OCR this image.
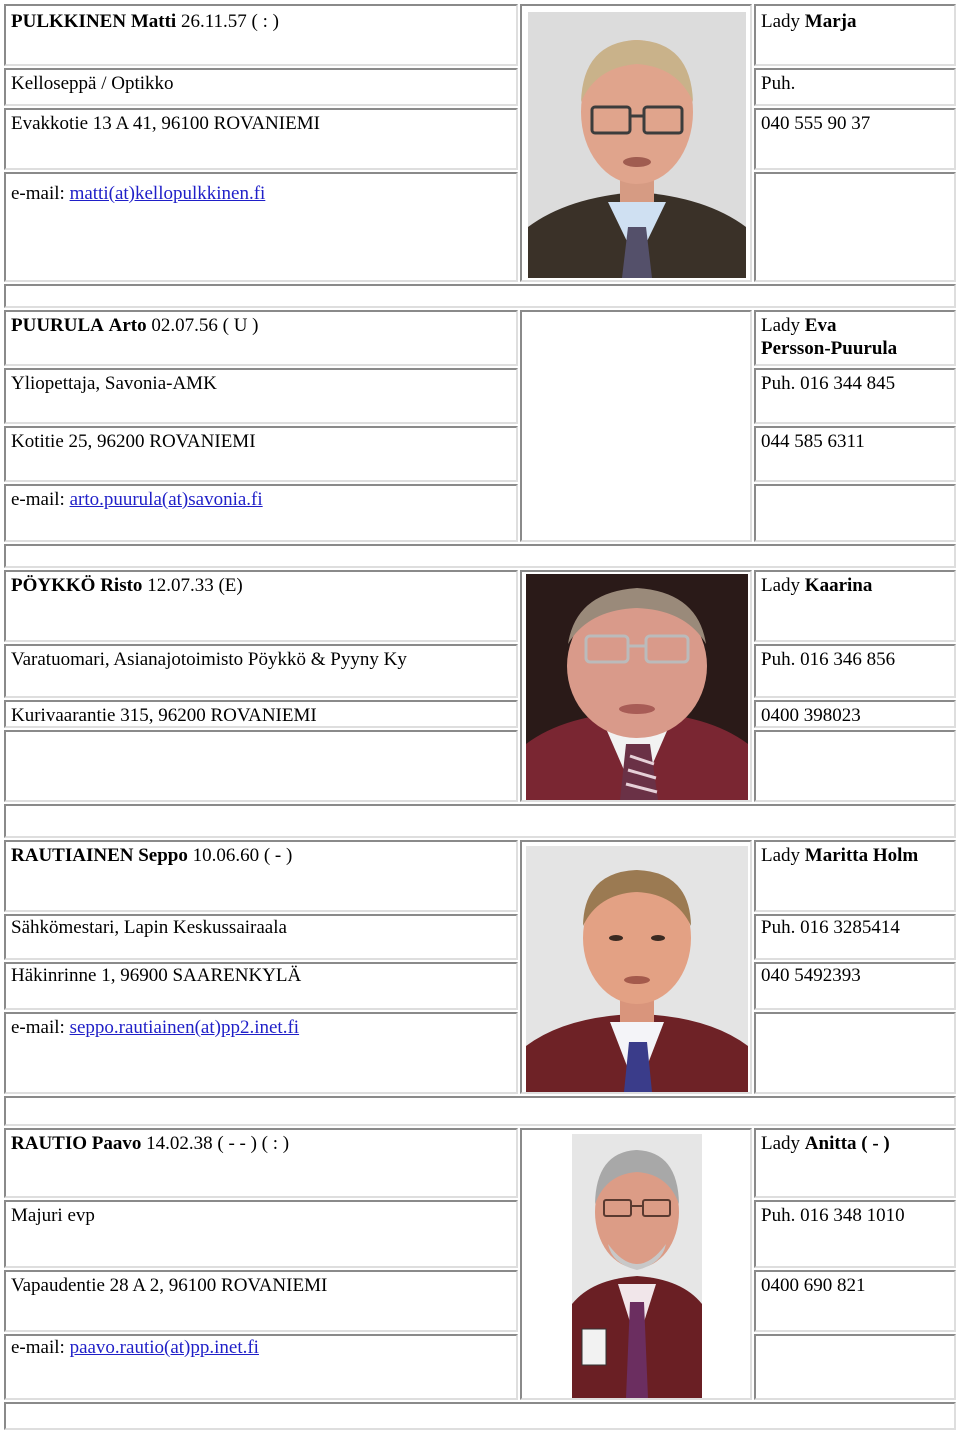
PULKKINEN Matti 26.11.57 ( : )
Kelloseppä / Optikko
Evakkotie 13 A 41, 96100 ROVANIEMI
e-mail: matti(at)kellopulkkinen.fi
Lady Marja
Puh.
040 555 90 37
PUURULA Arto 02.07.56 ( U )
Yliopettaja, Savonia-AMK
Kotitie 25, 96200 ROVANIEMI
e-mail: arto.puurula(at)savonia.fi
Lady Eva
Persson-Puurula
Puh. 016 344 845
044 585 6311
PÖYKKÖ Risto 12.07.33 (E)
Varatuomari, Asianajotoimisto Pöykkö & Pyyny Ky
Kurivaarantie 315, 96200 ROVANIEMI
Lady Kaarina
Puh. 016 346 856
0400 398023
RAUTIAINEN Seppo 10.06.60 ( - )
Sähkömestari, Lapin Keskussairaala
Häkinrinne 1, 96900 SAARENKYLÄ
e-mail: seppo.rautiainen(at)pp2.inet.fi
Lady Maritta Holm
Puh. 016 3285414
040 5492393
RAUTIO Paavo 14.02.38 ( - - ) ( : )
Majuri evp
Vapaudentie 28 A 2, 96100 ROVANIEMI
e-mail: paavo.rautio(at)pp.inet.fi
Lady Anitta ( - )
Puh. 016 348 1010
0400 690 821
